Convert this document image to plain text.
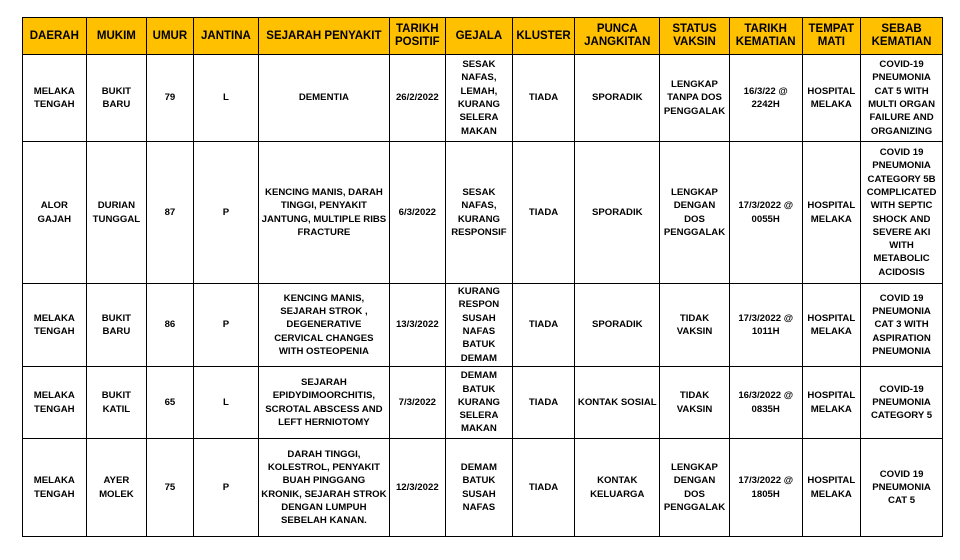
DAERAH	MUKIM	UMUR	JANTINA	SEJARAH PENYAKIT	TARIKH POSITIF	GEJALA	KLUSTER	PUNCA JANGKITAN	STATUS VAKSIN	TARIKH KEMATIAN	TEMPAT MATI	SEBAB KEMATIAN
MELAKA TENGAH	BUKIT BARU	79	L	DEMENTIA	26/2/2022	SESAK NAFAS, LEMAH, KURANG SELERA MAKAN	TIADA	SPORADIK	LENGKAP TANPA DOS PENGGALAK	16/3/22 @ 2242H	HOSPITAL MELAKA	COVID-19 PNEUMONIA CAT 5 WITH MULTI ORGAN FAILURE AND ORGANIZING
ALOR GAJAH	DURIAN TUNGGAL	87	P	KENCING MANIS, DARAH TINGGI, PENYAKIT JANTUNG, MULTIPLE RIBS FRACTURE	6/3/2022	SESAK NAFAS, KURANG RESPONSIF	TIADA	SPORADIK	LENGKAP DENGAN DOS PENGGALAK	17/3/2022 @ 0055H	HOSPITAL MELAKA	COVID 19 PNEUMONIA CATEGORY 5B COMPLICATED WITH SEPTIC SHOCK AND SEVERE AKI WITH METABOLIC ACIDOSIS
MELAKA TENGAH	BUKIT BARU	86	P	KENCING MANIS, SEJARAH STROK , DEGENERATIVE CERVICAL CHANGES WITH OSTEOPENIA	13/3/2022	KURANG RESPON SUSAH NAFAS BATUK DEMAM	TIADA	SPORADIK	TIDAK VAKSIN	17/3/2022 @ 1011H	HOSPITAL MELAKA	COVID 19 PNEUMONIA CAT 3 WITH ASPIRATION PNEUMONIA
MELAKA TENGAH	BUKIT KATIL	65	L	SEJARAH EPIDYDIMOORCHITIS, SCROTAL ABSCESS AND LEFT HERNIOTOMY	7/3/2022	DEMAM BATUK KURANG SELERA MAKAN	TIADA	KONTAK SOSIAL	TIDAK VAKSIN	16/3/2022 @ 0835H	HOSPITAL MELAKA	COVID-19 PNEUMONIA CATEGORY 5
MELAKA TENGAH	AYER MOLEK	75	P	DARAH TINGGI, KOLESTROL, PENYAKIT BUAH PINGGANG KRONIK, SEJARAH STROK DENGAN LUMPUH SEBELAH KANAN.	12/3/2022	DEMAM BATUK SUSAH NAFAS	TIADA	KONTAK KELUARGA	LENGKAP DENGAN DOS PENGGALAK	17/3/2022 @ 1805H	HOSPITAL MELAKA	COVID 19 PNEUMONIA CAT 5
